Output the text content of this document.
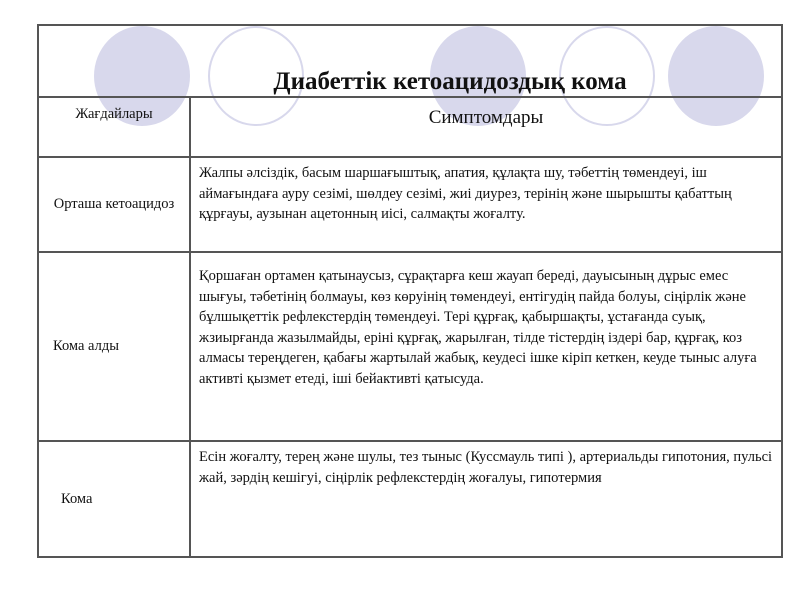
Диабеттік кетоацидоздық кома	
Жағдайлары	Симптомдары
Орташа кетоацидоз	Жалпы әлсіздік, басым шаршағыштық, апатия, құлақта шу, тәбеттің төмендеуі, іш аймағындаға ауру сезімі, шөлдеу сезімі, жиі диурез, терінің және шырышты қабаттың құрғауы, аузынан ацетонның иісі, салмақты жоғалту.
Кома алды	Қоршаған ортамен қатынаусыз, сұрақтарға кеш жауап береді, дауысының дұрыс емес шығуы, тәбетінің болмауы, көз көруінің төмендеуі, ентігудің пайда болуы, сіңірлік және бұлшықеттік рефлекстердің төмендеуі. Тері құрғақ, қабыршақты, ұстағанда суық, жзиырғанда жазылмайды, ерінi құрғақ, жарылған, тілде тістердің іздері бар, құрғақ, коз алмасы тереңдеген, қабағы жартылай жабық, кеудесі ішке кіріп кеткен, кеуде тыныс алуға активті қызмет етеді, іші бейактивті қатысуда.
Кома	Есін жоғалту, терең және шулы, тез тыныс (Куссмауль типі ), артериальды гипотония, пульсі жай, зәрдің кешігуі, сіңірлік рефлекстердің жоғалуы, гипотермия
